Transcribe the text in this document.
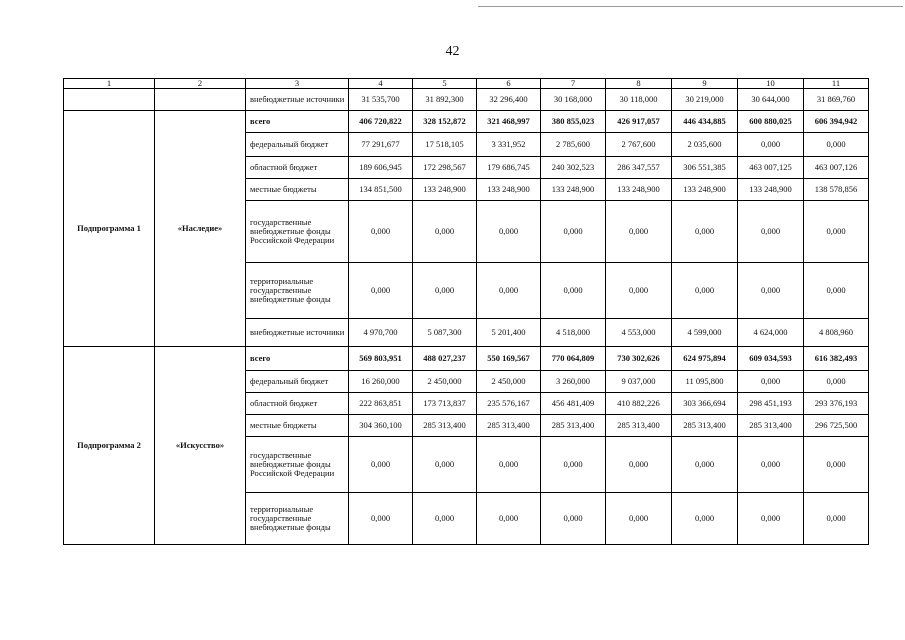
42
1	2	3	4	5	6	7	8	9	10	11
		внебюджетные источники	31 535,700	31 892,300	32 296,400	30 168,000	30 118,000	30 219,000	30 644,000	31 869,760
Подпрограмма 1	«Наследие»	всего	406 720,822	328 152,872	321 468,997	380 855,023	426 917,057	446 434,885	600 880,025	606 394,942
		федеральный бюджет	77 291,677	17 518,105	3 331,952	2 785,600	2 767,600	2 035,600	0,000	0,000
		областной бюджет	189 606,945	172 298,567	179 686,745	240 302,523	286 347,557	306 551,385	463 007,125	463 007,126
		местные бюджеты	134 851,500	133 248,900	133 248,900	133 248,900	133 248,900	133 248,900	133 248,900	138 578,856
		государственные внебюджетные фонды Российской Федерации	0,000	0,000	0,000	0,000	0,000	0,000	0,000	0,000
		территориальные государственные внебюджетные фонды	0,000	0,000	0,000	0,000	0,000	0,000	0,000	0,000
		внебюджетные источники	4 970,700	5 087,300	5 201,400	4 518,000	4 553,000	4 599,000	4 624,000	4 808,960
Подпрограмма 2	«Искусство»	всего	569 803,951	488 027,237	550 169,567	770 064,809	730 302,626	624 975,894	609 034,593	616 382,493
		федеральный бюджет	16 260,000	2 450,000	2 450,000	3 260,000	9 037,000	11 095,800	0,000	0,000
		областной бюджет	222 863,851	173 713,837	235 576,167	456 481,409	410 882,226	303 366,694	298 451,193	293 376,193
		местные бюджеты	304 360,100	285 313,400	285 313,400	285 313,400	285 313,400	285 313,400	285 313,400	296 725,500
		государственные внебюджетные фонды Российской Федерации	0,000	0,000	0,000	0,000	0,000	0,000	0,000	0,000
		территориальные государственные внебюджетные фонды	0,000	0,000	0,000	0,000	0,000	0,000	0,000	0,000
